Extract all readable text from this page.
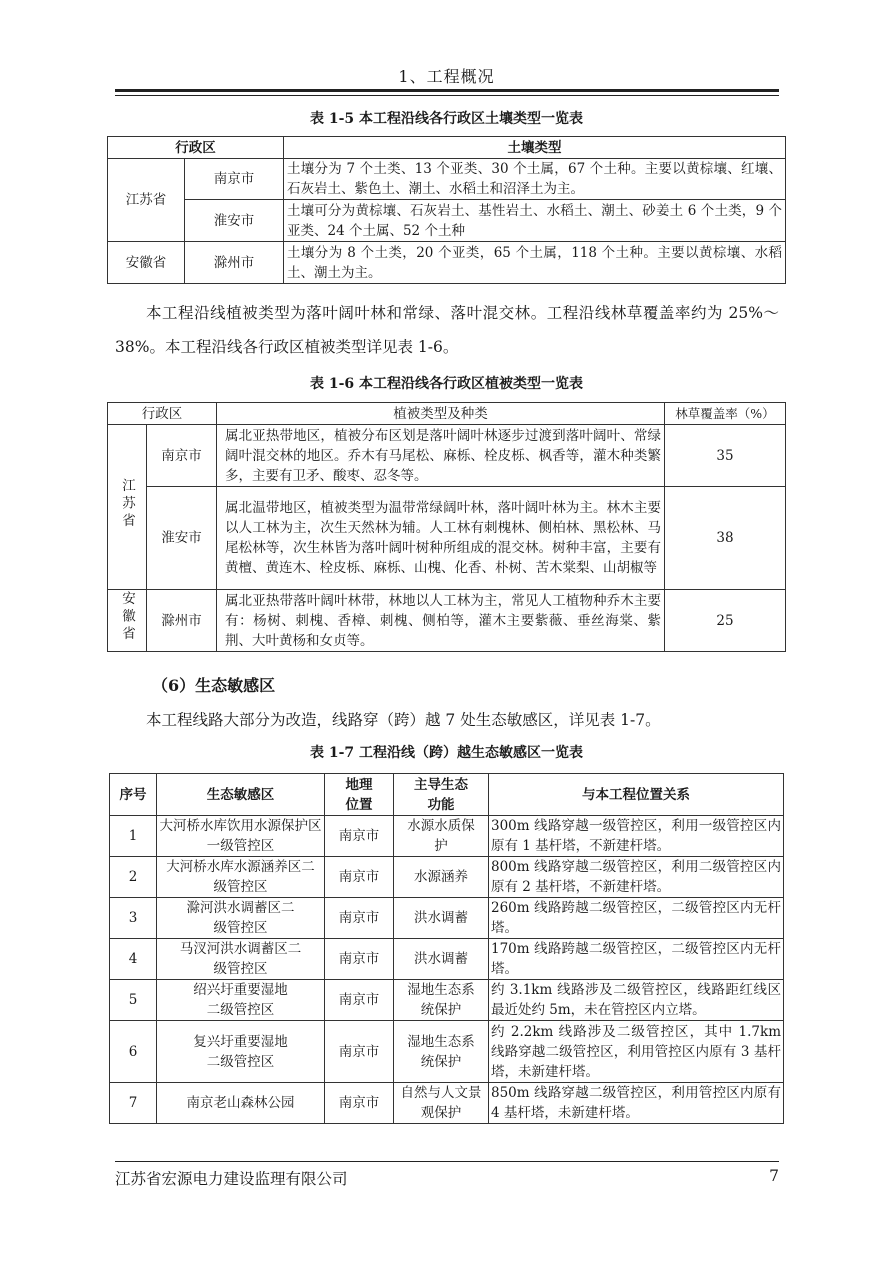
1、工程概况
表 1-5 本工程沿线各行政区土壤类型一览表
行政区		土壤类型
江苏省	南京市	土壤分为 7 个土类、13 个亚类、30 个土属，67 个土种。主要以黄棕壤、红壤、石灰岩土、紫色土、潮土、水稻土和沼泽土为主。
	淮安市	土壤可分为黄棕壤、石灰岩土、基性岩土、水稻土、潮土、砂姜土 6 个土类，9 个亚类、24 个土属、52 个土种
安徽省	滁州市	土壤分为 8 个土类，20 个亚类，65 个土属，118 个土种。主要以黄棕壤、水稻土、潮土为主。
本工程沿线植被类型为落叶阔叶林和常绿、落叶混交林。工程沿线林草覆盖率约为 25%～38%。本工程沿线各行政区植被类型详见表 1-6。
表 1-6 本工程沿线各行政区植被类型一览表
行政区		植被类型及种类	林草覆盖率（%）
江苏省	南京市	属北亚热带地区，植被分布区划是落叶阔叶林逐步过渡到落叶阔叶、常绿阔叶混交林的地区。乔木有马尾松、麻栎、栓皮栎、枫香等，灌木种类繁多，主要有卫矛、酸枣、忍冬等。	35
	淮安市	属北温带地区，植被类型为温带常绿阔叶林，落叶阔叶林为主。林木主要以人工林为主，次生天然林为辅。人工林有刺槐林、侧柏林、黑松林、马尾松林等，次生林皆为落叶阔叶树种所组成的混交林。树种丰富，主要有黄檀、黄连木、栓皮栎、麻栎、山槐、化香、朴树、苦木棠梨、山胡椒等	38
安徽省	滁州市	属北亚热带落叶阔叶林带，林地以人工林为主，常见人工植物种乔木主要有：杨树、刺槐、香樟、刺槐、侧柏等，灌木主要紫薇、垂丝海棠、紫荆、大叶黄杨和女贞等。	25
（6）生态敏感区
本工程线路大部分为改造，线路穿（跨）越 7 处生态敏感区，详见表 1-7。
表 1-7 工程沿线（跨）越生态敏感区一览表
序号	生态敏感区	地理位置	主导生态功能	与本工程位置关系
1	大河桥水库饮用水源保护区一级管控区	南京市	水源水质保护	300m 线路穿越一级管控区，利用一级管控区内原有 1 基杆塔，不新建杆塔。
2	大河桥水库水源涵养区二级管控区	南京市	水源涵养	800m 线路穿越二级管控区，利用二级管控区内原有 2 基杆塔，不新建杆塔。
3	滁河洪水调蓄区二级管控区	南京市	洪水调蓄	260m 线路跨越二级管控区，二级管控区内无杆塔。
4	马汊河洪水调蓄区二级管控区	南京市	洪水调蓄	170m 线路跨越二级管控区，二级管控区内无杆塔。
5	绍兴圩重要湿地二级管控区	南京市	湿地生态系统保护	约 3.1km 线路涉及二级管控区，线路距红线区最近处约 5m，未在管控区内立塔。
6	复兴圩重要湿地二级管控区	南京市	湿地生态系统保护	约 2.2km 线路涉及二级管控区，其中 1.7km 线路穿越二级管控区，利用管控区内原有 3 基杆塔，未新建杆塔。
7	南京老山森林公园	南京市	自然与人文景观保护	850m 线路穿越二级管控区，利用管控区内原有 4 基杆塔，未新建杆塔。
江苏省宏源电力建设监理有限公司	7
